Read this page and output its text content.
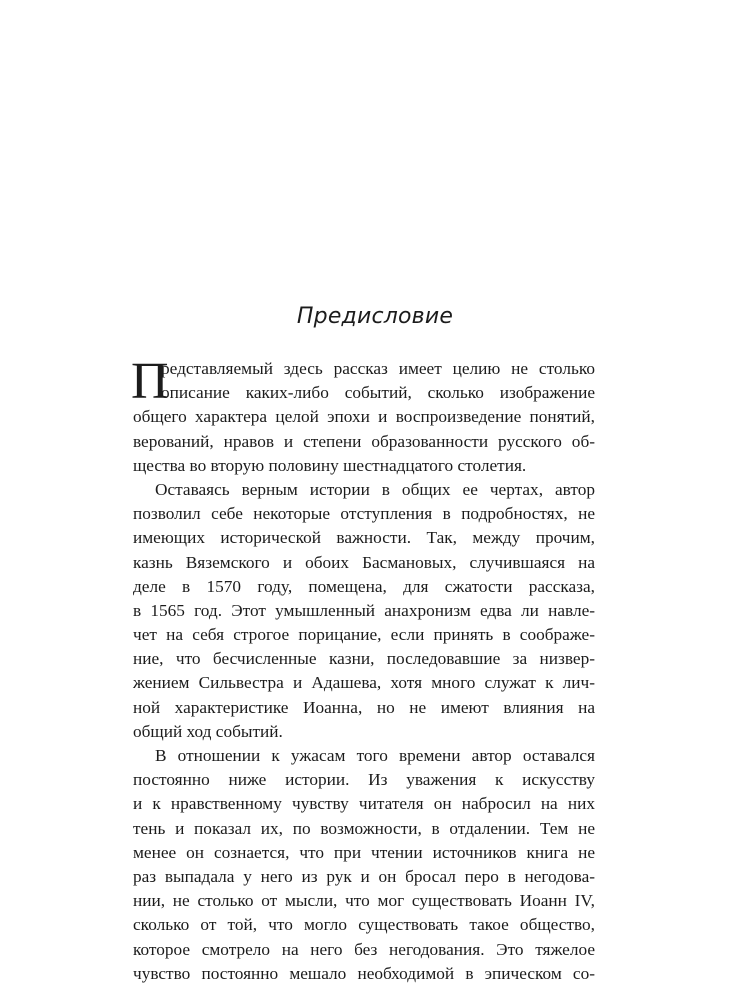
Предисловие
П
редставляемый здесь рассказ имеет целию не столько
описание каких-либо событий, сколько изображение
общего характера целой эпохи и воспроизведение понятий,
верований, нравов и степени образованности русского об-
щества во вторую половину шестнадцатого столетия.
Оставаясь верным истории в общих ее чертах, автор
позволил себе некоторые отступления в подробностях, не
имеющих исторической важности. Так, между прочим,
казнь Вяземского и обоих Басмановых, случившаяся на
деле в 1570 году, помещена, для сжатости рассказа,
в 1565 год. Этот умышленный анахронизм едва ли навле-
чет на себя строгое порицание, если принять в соображе-
ние, что бесчисленные казни, последовавшие за низвер-
жением Сильвестра и Адашева, хотя много служат к лич-
ной характеристике Иоанна, но не имеют влияния на
общий ход событий.
В отношении к ужасам того времени автор оставался
постоянно ниже истории. Из уважения к искусству
и к нравственному чувству читателя он набросил на них
тень и показал их, по возможности, в отдалении. Тем не
менее он сознается, что при чтении источников книга не
раз выпадала у него из рук и он бросал перо в негодова-
нии, не столько от мысли, что мог существовать Иоанн IV,
сколько от той, что могло существовать такое общество,
которое смотрело на него без негодования. Это тяжелое
чувство постоянно мешало необходимой в эпическом со-
